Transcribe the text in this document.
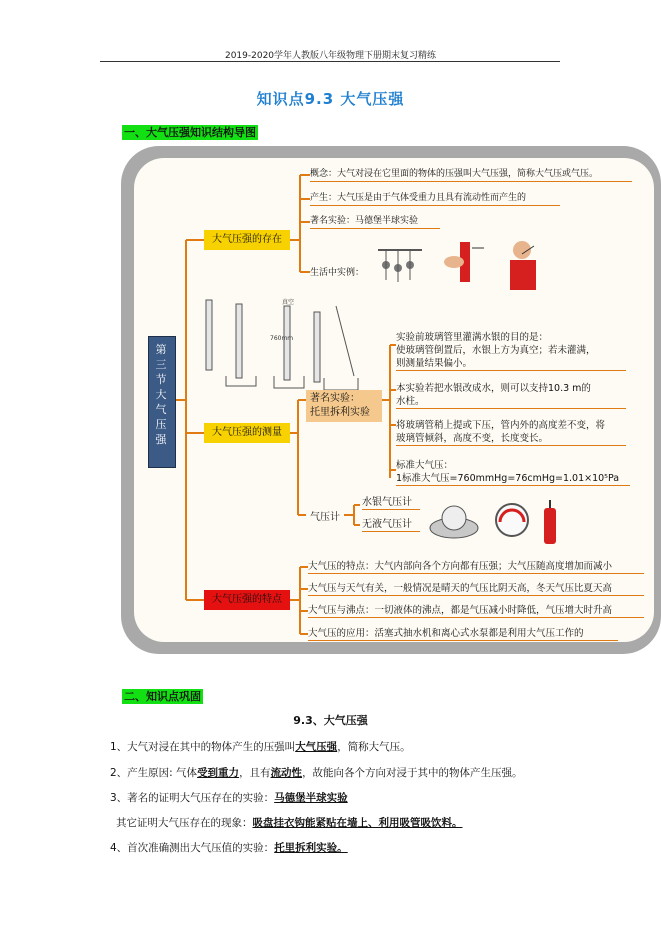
2019-2020学年人教版八年级物理下册期末复习精练
知识点9.3 大气压强
一、大气压强知识结构导图
第
三
节
大
气
压
强
大气压强的存在
大气压强的测量
大气压强的特点
概念：大气对浸在它里面的物体的压强叫大气压强，简称大气压或气压。
产生：大气压是由于气体受重力且具有流动性而产生的
著名实验：马德堡半球实验
生活中实例：
760mm
真空
著名实验：
托里拆利实验
实验前玻璃管里灌满水银的目的是：
使玻璃管倒置后，水银上方为真空；若未灌满，
则测量结果偏小。
本实验若把水银改成水，则可以支持10.3 m的
水柱。
将玻璃管稍上提或下压，管内外的高度差不变，将
玻璃管倾斜，高度不变，长度变长。
标准大气压：
1标准大气压=760mmHg=76cmHg=1.01×10⁵Pa
气压计
水银气压计
无液气压计
大气压的特点：大气内部向各个方向都有压强；大气压随高度增加而减小
大气压与天气有关，一般情况是晴天的气压比阴天高，冬天气压比夏天高
大气压与沸点：一切液体的沸点，都是气压减小时降低，气压增大时升高
大气压的应用：活塞式抽水机和离心式水泵都是利用大气压工作的
二、知识点巩固
9.3、大气压强
1、大气对浸在其中的物体产生的压强叫大气压强，简称大气压。
2、产生原因: 气体受到重力，且有流动性，故能向各个方向对浸于其中的物体产生压强。
3、著名的证明大气压存在的实验：马德堡半球实验
其它证明大气压存在的现象：吸盘挂衣钩能紧贴在墙上、利用吸管吸饮料。
4、首次准确测出大气压值的实验：托里拆利实验。
